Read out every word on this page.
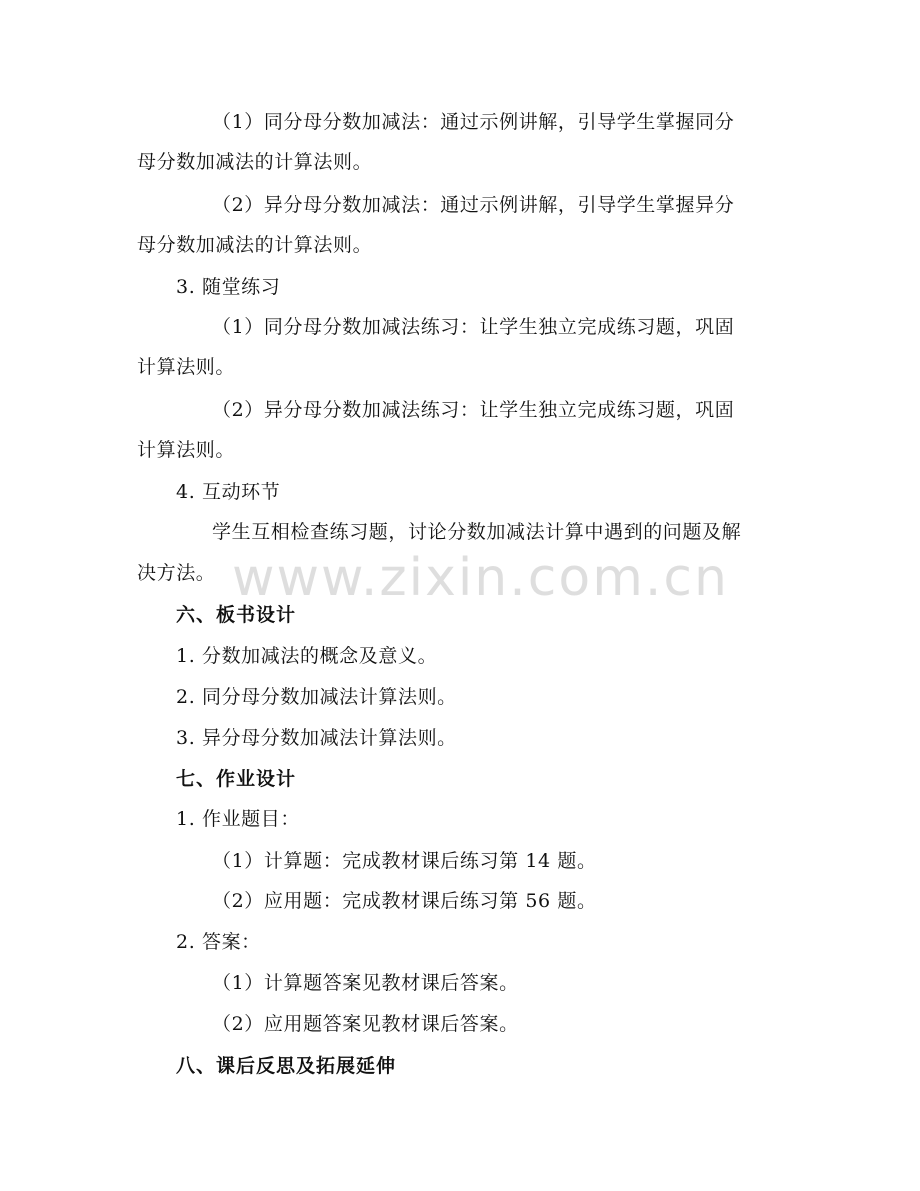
（1）同分母分数加减法：通过示例讲解，引导学生掌握同分
母分数加减法的计算法则。
（2）异分母分数加减法：通过示例讲解，引导学生掌握异分
母分数加减法的计算法则。
3. 随堂练习
（1）同分母分数加减法练习：让学生独立完成练习题，巩固
计算法则。
（2）异分母分数加减法练习：让学生独立完成练习题，巩固
计算法则。
4. 互动环节
学生互相检查练习题，讨论分数加减法计算中遇到的问题及解
决方法。
六、板书设计
1. 分数加减法的概念及意义。
2. 同分母分数加减法计算法则。
3. 异分母分数加减法计算法则。
七、作业设计
1. 作业题目：
（1）计算题：完成教材课后练习第 14 题。
（2）应用题：完成教材课后练习第 56 题。
2. 答案：
（1）计算题答案见教材课后答案。
（2）应用题答案见教材课后答案。
八、课后反思及拓展延伸
www.zixin.com.cn
